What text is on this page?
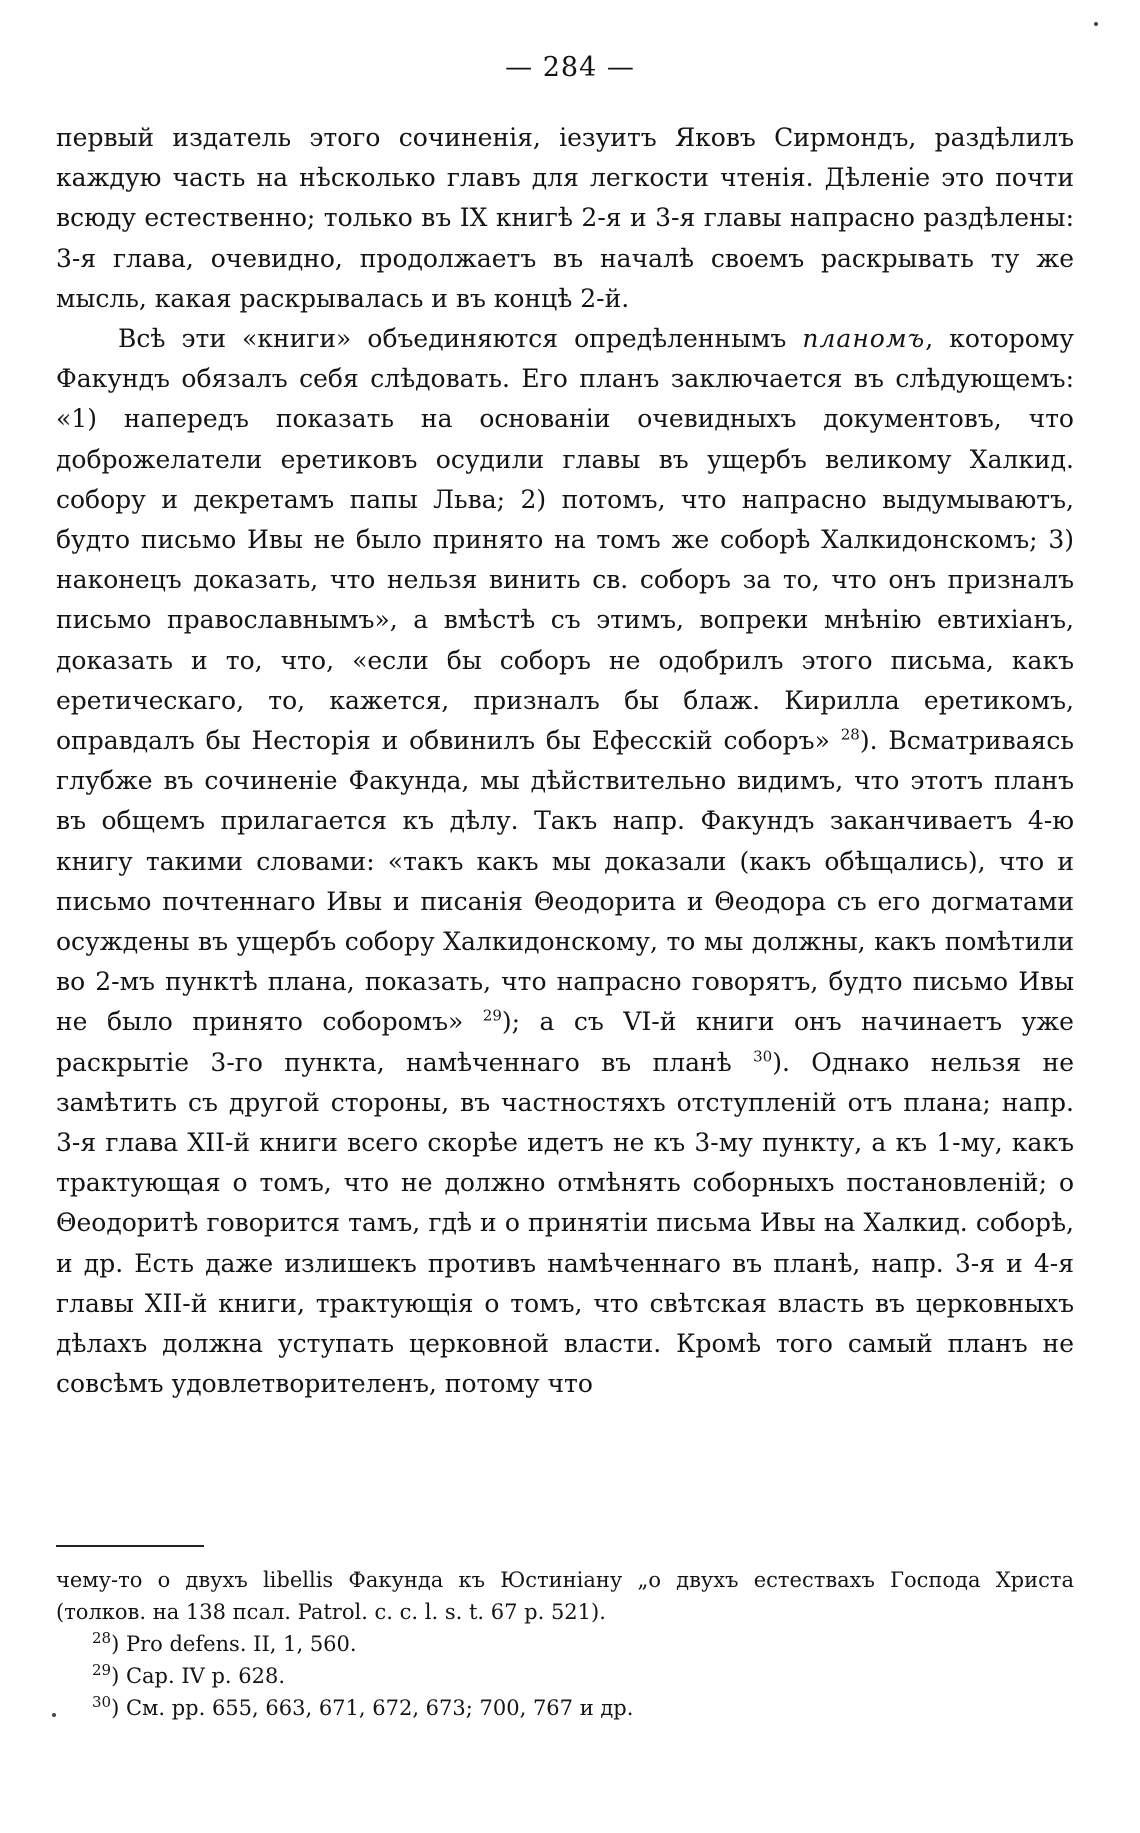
— 284 —

первый издатель этого сочиненія, іезуитъ Яковъ Сирмондъ, раздѣлилъ каждую часть на нѣсколько главъ для легкости чтенія. Дѣленіе это почти всюду естественно; только въ IX книгѣ 2-я и 3-я главы напрасно раздѣлены: 3-я глава, очевидно, продолжаетъ въ началѣ своемъ раскрывать ту же мысль, какая раскрывалась и въ концѣ 2-й.

Всѣ эти «книги» объединяются опредѣленнымъ планомъ, которому Факундъ обязалъ себя слѣдовать. Его планъ заключается въ слѣдующемъ: «1) напередъ показать на основаніи очевидныхъ документовъ, что доброжелатели еретиковъ осудили главы въ ущербъ великому Халкид. собору и декретамъ папы Льва; 2) потомъ, что напрасно выдумываютъ, будто письмо Ивы не было принято на томъ же соборѣ Халкидонскомъ; 3) наконецъ доказать, что нельзя винить св. соборъ за то, что онъ призналъ письмо православнымъ», а вмѣстѣ съ этимъ, вопреки мнѣнію евтихіанъ, доказать и то, что, «если бы соборъ не одобрилъ этого письма, какъ еретическаго, то, кажется, призналъ бы блаж. Кирилла еретикомъ, оправдалъ бы Несторія и обвинилъ бы Ефесскій соборъ» $^{28}$). Всматриваясь глубже въ сочиненіе Факунда, мы дѣйствительно видимъ, что этотъ планъ въ общемъ прилагается къ дѣлу. Такъ напр. Факундъ заканчиваетъ 4-ю книгу такими словами: «такъ какъ мы доказали (какъ обѣщались), что и письмо почтеннаго Ивы и писанія Θеодорита и Θеодора съ его догматами осуждены въ ущербъ собору Халкидонскому, то мы должны, какъ помѣтили во 2-мъ пунктѣ плана, показать, что напрасно говорятъ, будто письмо Ивы не было принято соборомъ» $^{29}$); а съ VI-й книги онъ начинаетъ уже раскрытіе 3-го пункта, намѣченнаго въ планѣ $^{30}$). Однако нельзя не замѣтить съ другой стороны, въ частностяхъ отступленій отъ плана; напр. 3-я глава XII-й книги всего скорѣе идетъ не къ 3-му пункту, а къ 1-му, какъ трактующая о томъ, что не должно отмѣнять соборныхъ постановленій; о Θеодоритѣ говорится тамъ, гдѣ и о принятіи письма Ивы на Халкид. соборѣ, и др. Есть даже излишекъ противъ намѣченнаго въ планѣ, напр. 3-я и 4-я главы XII-й книги, трактующія о томъ, что свѣтская власть въ церковныхъ дѣлахъ должна уступать церковной власти. Кромѣ того самый планъ не совсѣмъ удовлетворителенъ, потому что

чему-то о двухъ libellis Факунда къ Юстиніану „о двухъ естествахъ Господа Христа (толков. на 138 псал. Patrol. c. c. l. s. t. 67 p. 521).

$^{28}$) Pro defens. II, 1, 560.

$^{29}$) Cap. IV p. 628.

$^{30}$) См. pp. 655, 663, 671, 672, 673; 700, 767 и др.
